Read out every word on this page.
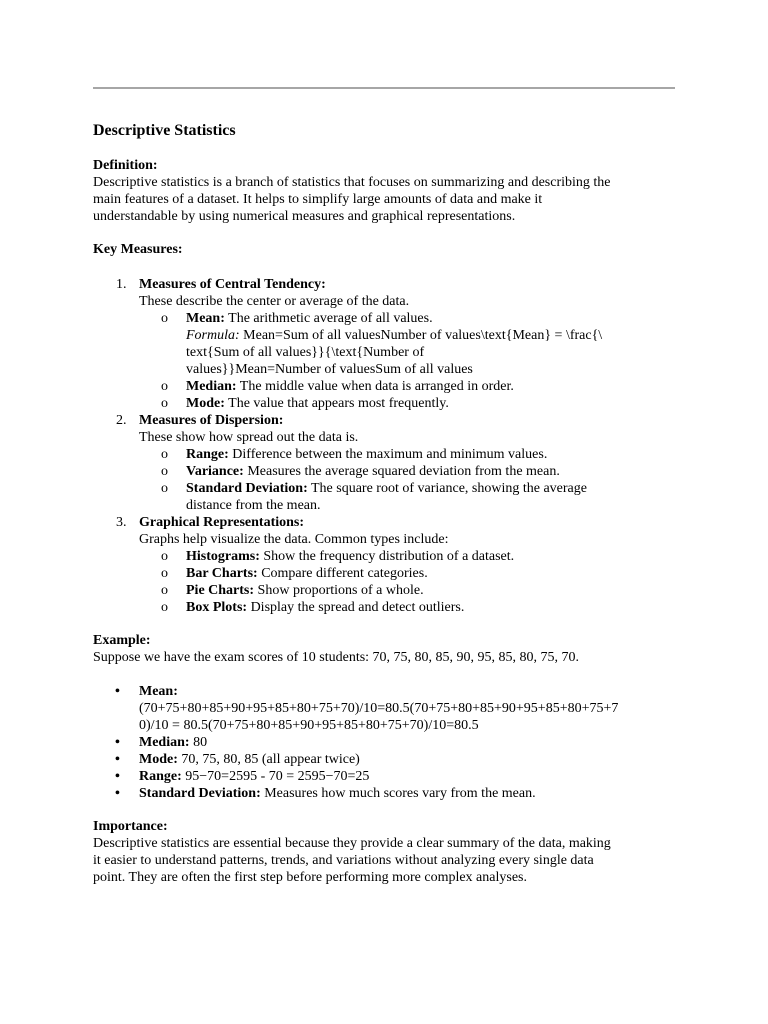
Descriptive Statistics
Definition:
Descriptive statistics is a branch of statistics that focuses on summarizing and describing the
main features of a dataset. It helps to simplify large amounts of data and make it
understandable by using numerical measures and graphical representations.
Key Measures:
1. Measures of Central Tendency:
These describe the center or average of the data.
o Mean: The arithmetic average of all values.
Formula: Mean=Sum of all valuesNumber of values\text{Mean} = \frac{\
text{Sum of all values}}{\text{Number of
values}}Mean=Number of valuesSum of all values
o Median: The middle value when data is arranged in order.
o Mode: The value that appears most frequently.
2. Measures of Dispersion:
These show how spread out the data is.
o Range: Difference between the maximum and minimum values.
o Variance: Measures the average squared deviation from the mean.
o Standard Deviation: The square root of variance, showing the average
distance from the mean.
3. Graphical Representations:
Graphs help visualize the data. Common types include:
o Histograms: Show the frequency distribution of a dataset.
o Bar Charts: Compare different categories.
o Pie Charts: Show proportions of a whole.
o Box Plots: Display the spread and detect outliers.
Example:
Suppose we have the exam scores of 10 students: 70, 75, 80, 85, 90, 95, 85, 80, 75, 70.
• Mean:
(70+75+80+85+90+95+85+80+75+70)/10=80.5(70+75+80+85+90+95+85+80+75+7
0)/10 = 80.5(70+75+80+85+90+95+85+80+75+70)/10=80.5
• Median: 80
• Mode: 70, 75, 80, 85 (all appear twice)
• Range: 95−70=2595 - 70 = 2595−70=25
• Standard Deviation: Measures how much scores vary from the mean.
Importance:
Descriptive statistics are essential because they provide a clear summary of the data, making
it easier to understand patterns, trends, and variations without analyzing every single data
point. They are often the first step before performing more complex analyses.
